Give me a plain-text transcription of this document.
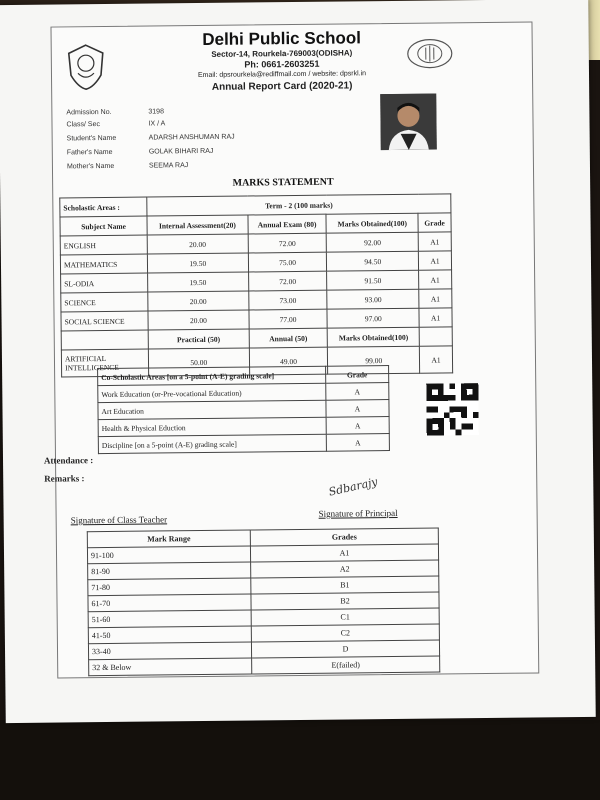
Delhi Public School
Sector-14, Rourkela-769003(ODISHA)
Ph: 0661-2603251
Email: dpsrourkela@rediffmail.com / website: dpsrkl.in
Annual Report Card (2020-21)
Admission No.	3198
Class/ Sec	IX / A
Student's Name	ADARSH ANSHUMAN RAJ
Father's Name	GOLAK BIHARI RAJ
Mother's Name	SEEMA RAJ
MARKS STATEMENT
Scholastic Areas :	Term - 2 (100 marks)			
Subject Name	Internal Assessment(20)	Annual Exam (80)	Marks Obtained(100)	Grade
ENGLISH	20.00	72.00	92.00	A1
MATHEMATICS	19.50	75.00	94.50	A1
SL-ODIA	19.50	72.00	91.50	A1
SCIENCE	20.00	73.00	93.00	A1
SOCIAL SCIENCE	20.00	77.00	97.00	A1
	Practical (50)	Annual (50)	Marks Obtained(100)	
ARTIFICIAL INTELLIGENCE	50.00	49.00	99.00	A1
Co-Scholastic Areas [on a 5-point (A-E) grading scale]	Grade
Work Education (or-Pre-vocational Education)	A
Art Education	A
Health & Physical Eduction	A
Discipline [on a 5-point (A-E) grading scale]	A
Attendance :
Remarks :	Sdbarajy
Signature of Class Teacher
Signature of Principal
Mark Range	Grades
91-100	A1
81-90	A2
71-80	B1
61-70	B2
51-60	C1
41-50	C2
33-40	D
32 & Below	E(failed)
